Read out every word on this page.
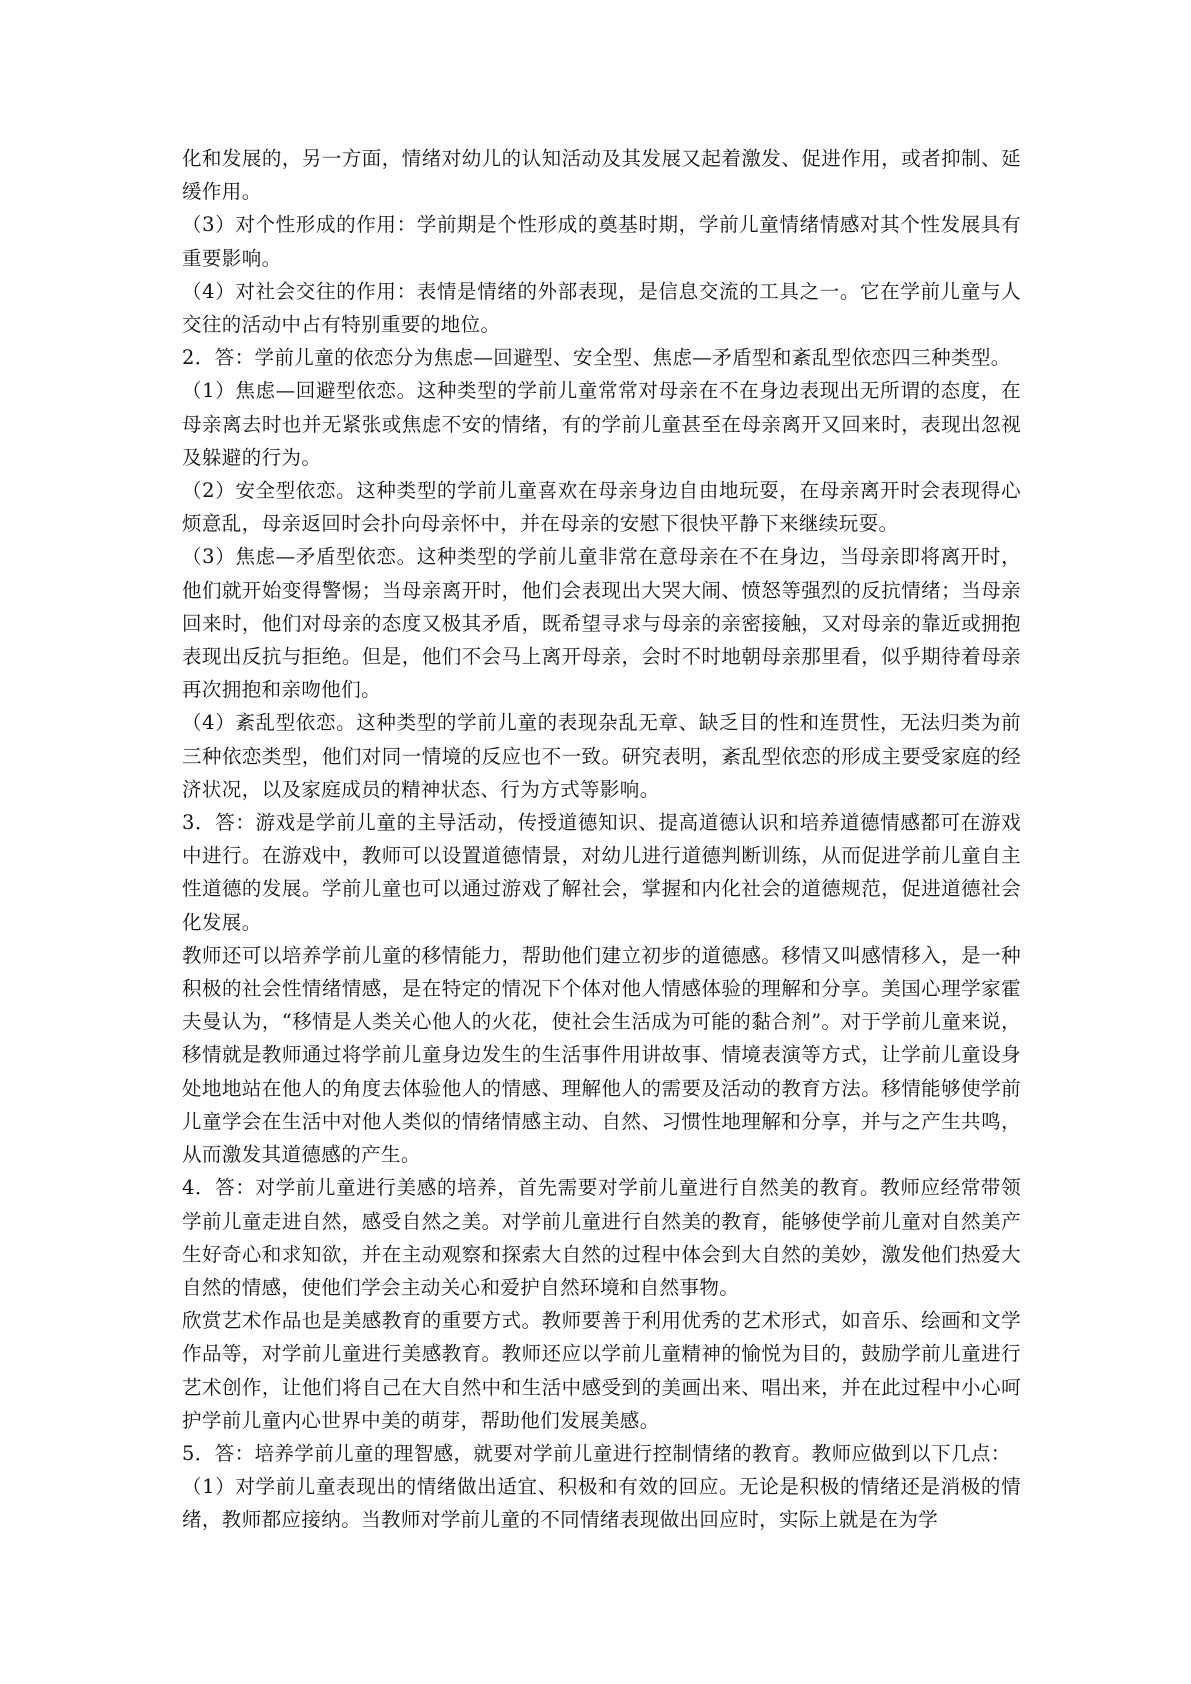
化和发展的，另一方面，情绪对幼儿的认知活动及其发展又起着激发、促进作用，或者抑制、延缓作用。

（3）对个性形成的作用：学前期是个性形成的奠基时期，学前儿童情绪情感对其个性发展具有重要影响。

（4）对社会交往的作用：表情是情绪的外部表现，是信息交流的工具之一。它在学前儿童与人交往的活动中占有特别重要的地位。

2．答：学前儿童的依恋分为焦虑—回避型、安全型、焦虑—矛盾型和紊乱型依恋四三种类型。

（1）焦虑—回避型依恋。这种类型的学前儿童常常对母亲在不在身边表现出无所谓的态度，在母亲离去时也并无紧张或焦虑不安的情绪，有的学前儿童甚至在母亲离开又回来时，表现出忽视及躲避的行为。

（2）安全型依恋。这种类型的学前儿童喜欢在母亲身边自由地玩耍，在母亲离开时会表现得心烦意乱，母亲返回时会扑向母亲怀中，并在母亲的安慰下很快平静下来继续玩耍。

（3）焦虑—矛盾型依恋。这种类型的学前儿童非常在意母亲在不在身边，当母亲即将离开时，他们就开始变得警惕；当母亲离开时，他们会表现出大哭大闹、愤怒等强烈的反抗情绪；当母亲回来时，他们对母亲的态度又极其矛盾，既希望寻求与母亲的亲密接触，又对母亲的靠近或拥抱表现出反抗与拒绝。但是，他们不会马上离开母亲，会时不时地朝母亲那里看，似乎期待着母亲再次拥抱和亲吻他们。

（4）紊乱型依恋。这种类型的学前儿童的表现杂乱无章、缺乏目的性和连贯性，无法归类为前三种依恋类型，他们对同一情境的反应也不一致。研究表明，紊乱型依恋的形成主要受家庭的经济状况，以及家庭成员的精神状态、行为方式等影响。

3．答：游戏是学前儿童的主导活动，传授道德知识、提高道德认识和培养道德情感都可在游戏中进行。在游戏中，教师可以设置道德情景，对幼儿进行道德判断训练，从而促进学前儿童自主性道德的发展。学前儿童也可以通过游戏了解社会，掌握和内化社会的道德规范，促进道德社会化发展。

教师还可以培养学前儿童的移情能力，帮助他们建立初步的道德感。移情又叫感情移入，是一种积极的社会性情绪情感，是在特定的情况下个体对他人情感体验的理解和分享。美国心理学家霍夫曼认为，“移情是人类关心他人的火花，使社会生活成为可能的黏合剂”。对于学前儿童来说，移情就是教师通过将学前儿童身边发生的生活事件用讲故事、情境表演等方式，让学前儿童设身处地地站在他人的角度去体验他人的情感、理解他人的需要及活动的教育方法。移情能够使学前儿童学会在生活中对他人类似的情绪情感主动、自然、习惯性地理解和分享，并与之产生共鸣，从而激发其道德感的产生。

4．答：对学前儿童进行美感的培养，首先需要对学前儿童进行自然美的教育。教师应经常带领学前儿童走进自然，感受自然之美。对学前儿童进行自然美的教育，能够使学前儿童对自然美产生好奇心和求知欲，并在主动观察和探索大自然的过程中体会到大自然的美妙，激发他们热爱大自然的情感，使他们学会主动关心和爱护自然环境和自然事物。

欣赏艺术作品也是美感教育的重要方式。教师要善于利用优秀的艺术形式，如音乐、绘画和文学作品等，对学前儿童进行美感教育。教师还应以学前儿童精神的愉悦为目的，鼓励学前儿童进行艺术创作，让他们将自己在大自然中和生活中感受到的美画出来、唱出来，并在此过程中小心呵护学前儿童内心世界中美的萌芽，帮助他们发展美感。

5．答：培养学前儿童的理智感，就要对学前儿童进行控制情绪的教育。教师应做到以下几点：

（1）对学前儿童表现出的情绪做出适宜、积极和有效的回应。无论是积极的情绪还是消极的情绪，教师都应接纳。当教师对学前儿童的不同情绪表现做出回应时，实际上就是在为学
